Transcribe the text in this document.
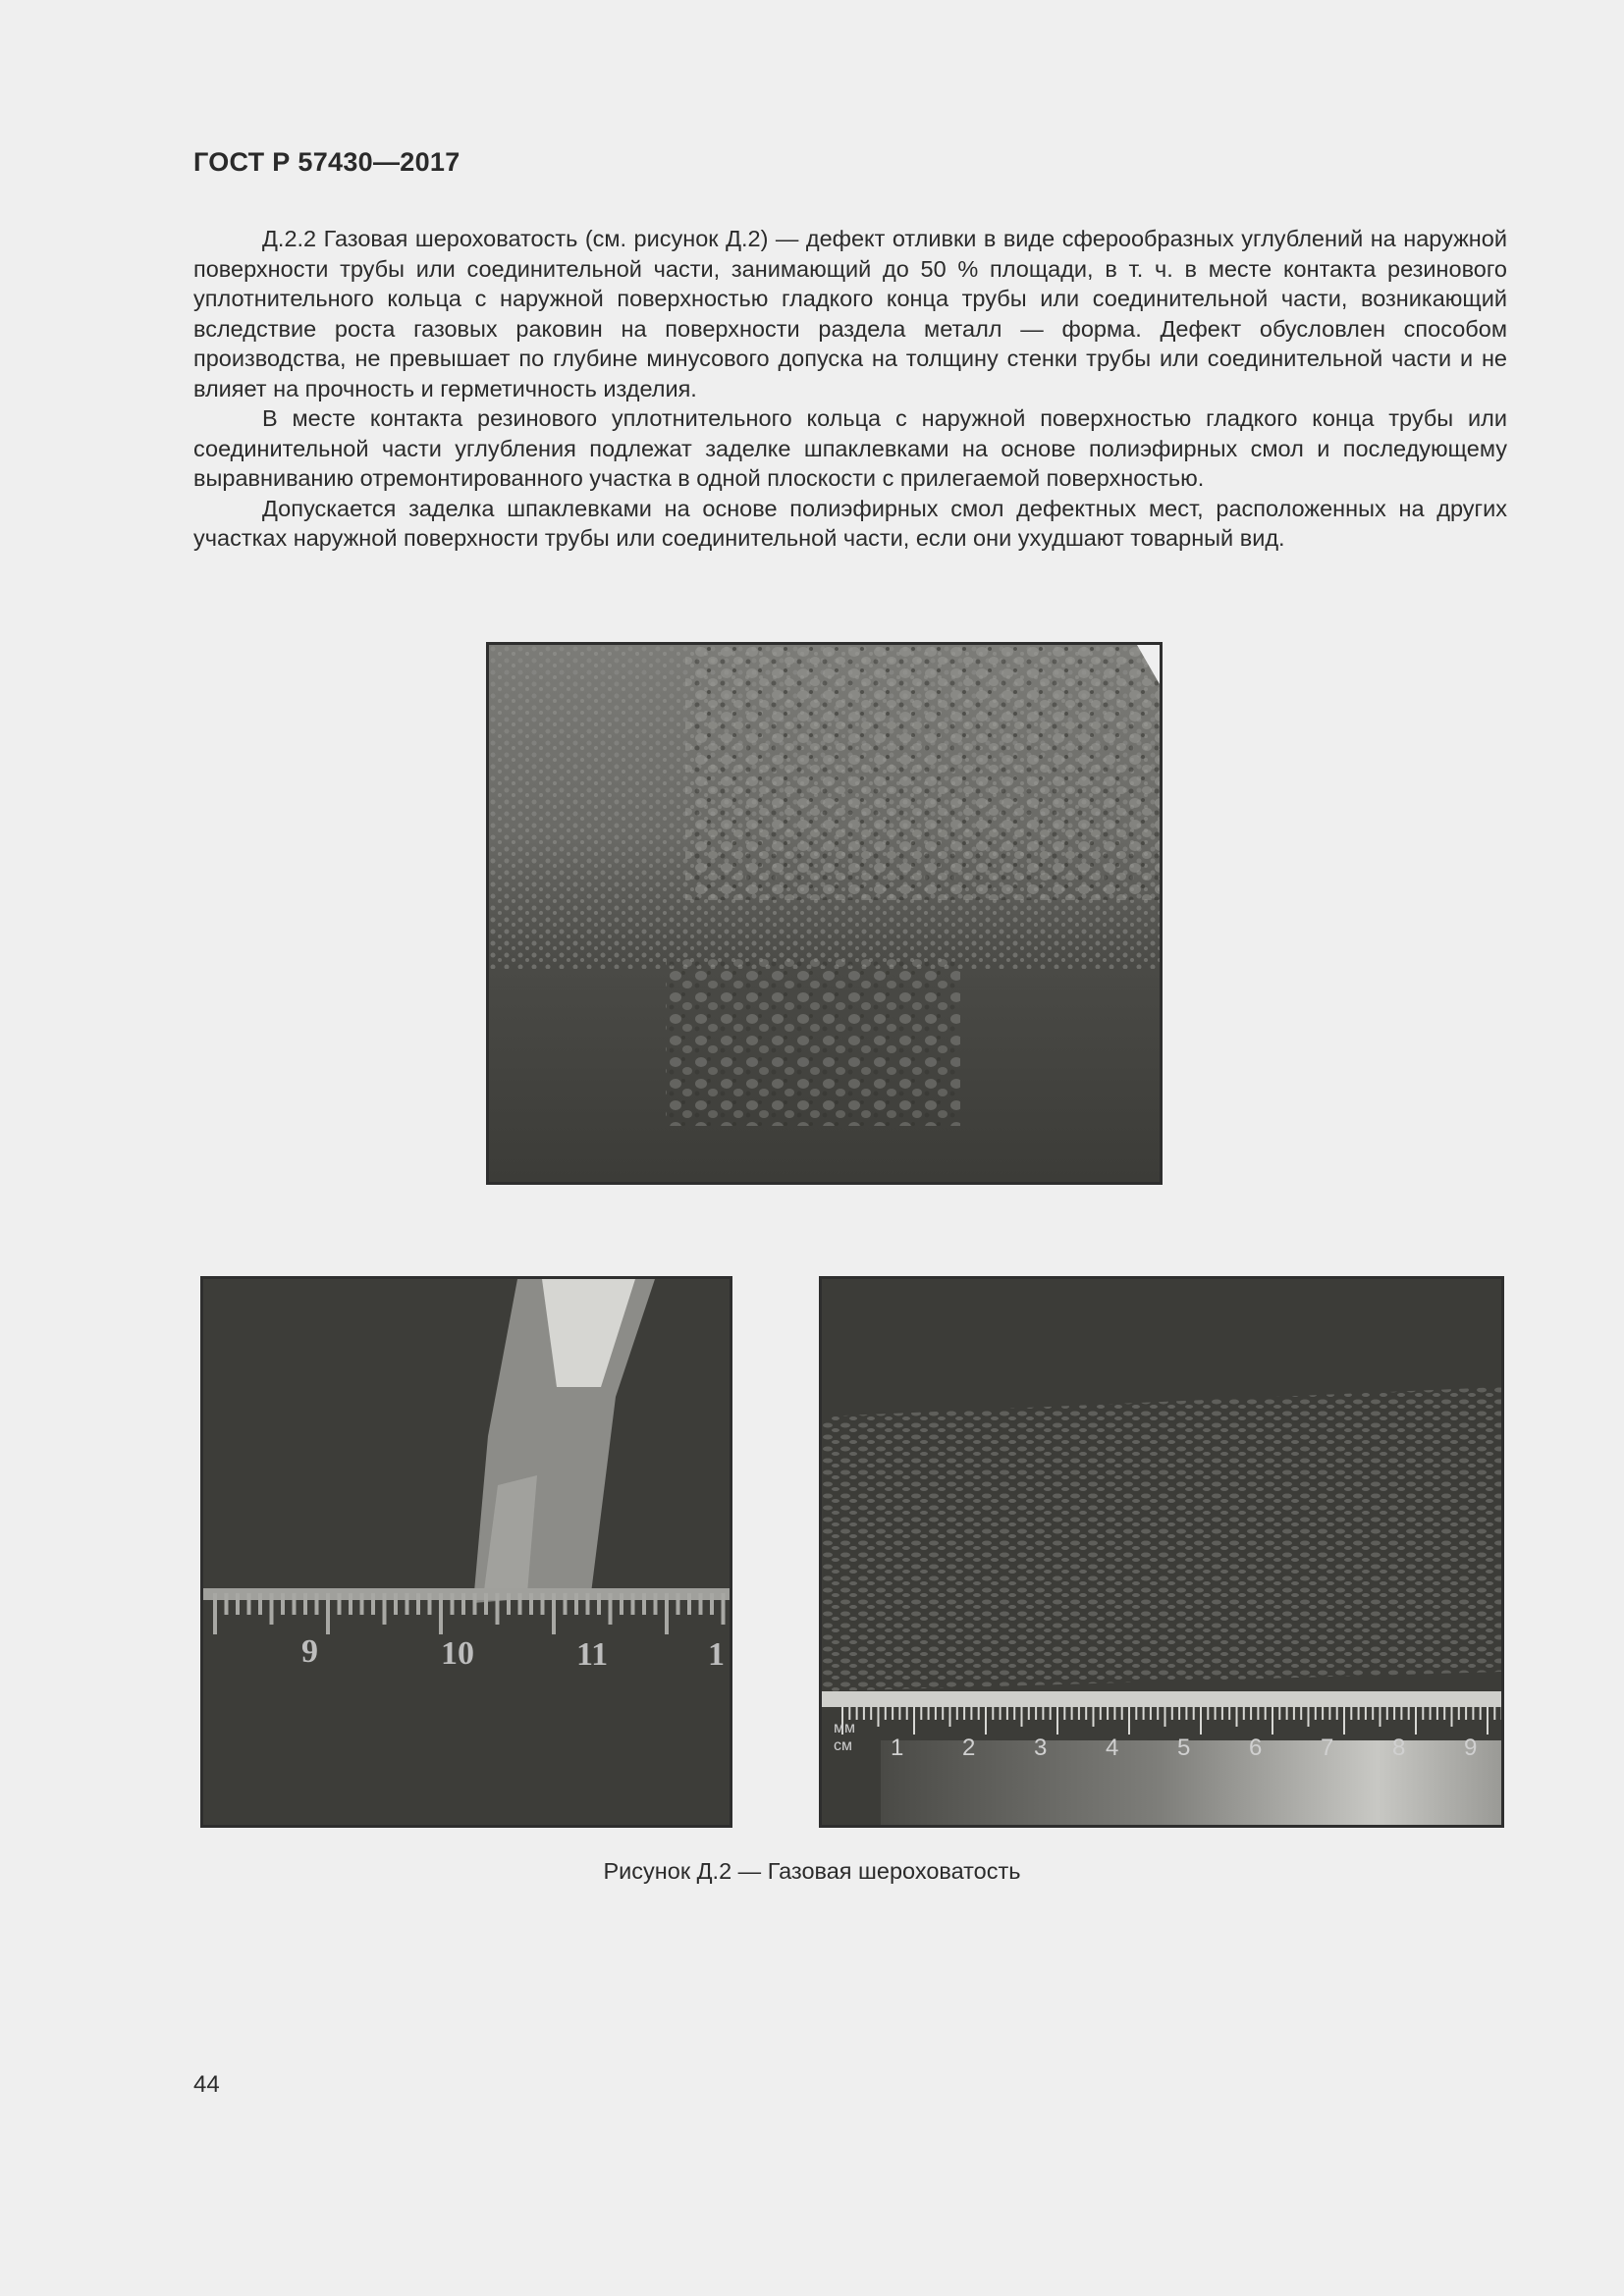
ГОСТ Р 57430—2017

Д.2.2 Газовая шероховатость (см. рисунок Д.2) — дефект отливки в виде сферообразных углублений на наружной поверхности трубы или соединительной части, занимающий до 50 % площади, в т. ч. в месте контакта резинового уплотнительного кольца с наружной поверхностью гладкого конца трубы или соединительной части, возникающий вследствие роста газовых раковин на поверхности раздела металл — форма. Дефект обусловлен способом производства, не превышает по глубине минусового допуска на толщину стенки трубы или соединительной части и не влияет на прочность и герметичность изделия.

В месте контакта резинового уплотнительного кольца с наружной поверхностью гладкого конца трубы или соединительной части углубления подлежат заделке шпаклевками на основе полиэфирных смол и последующему выравниванию отремонтированного участка в одной плоскости с прилегаемой поверхностью.

Допускается заделка шпаклевками на основе полиэфирных смол дефектных мест, расположенных на других участках наружной поверхности трубы или соединительной части, если они ухудшают товарный вид.

9	10	11	1
мм
см 1 2 3 4 5 6 7 8 9
Рисунок Д.2 — Газовая шероховатость
44
